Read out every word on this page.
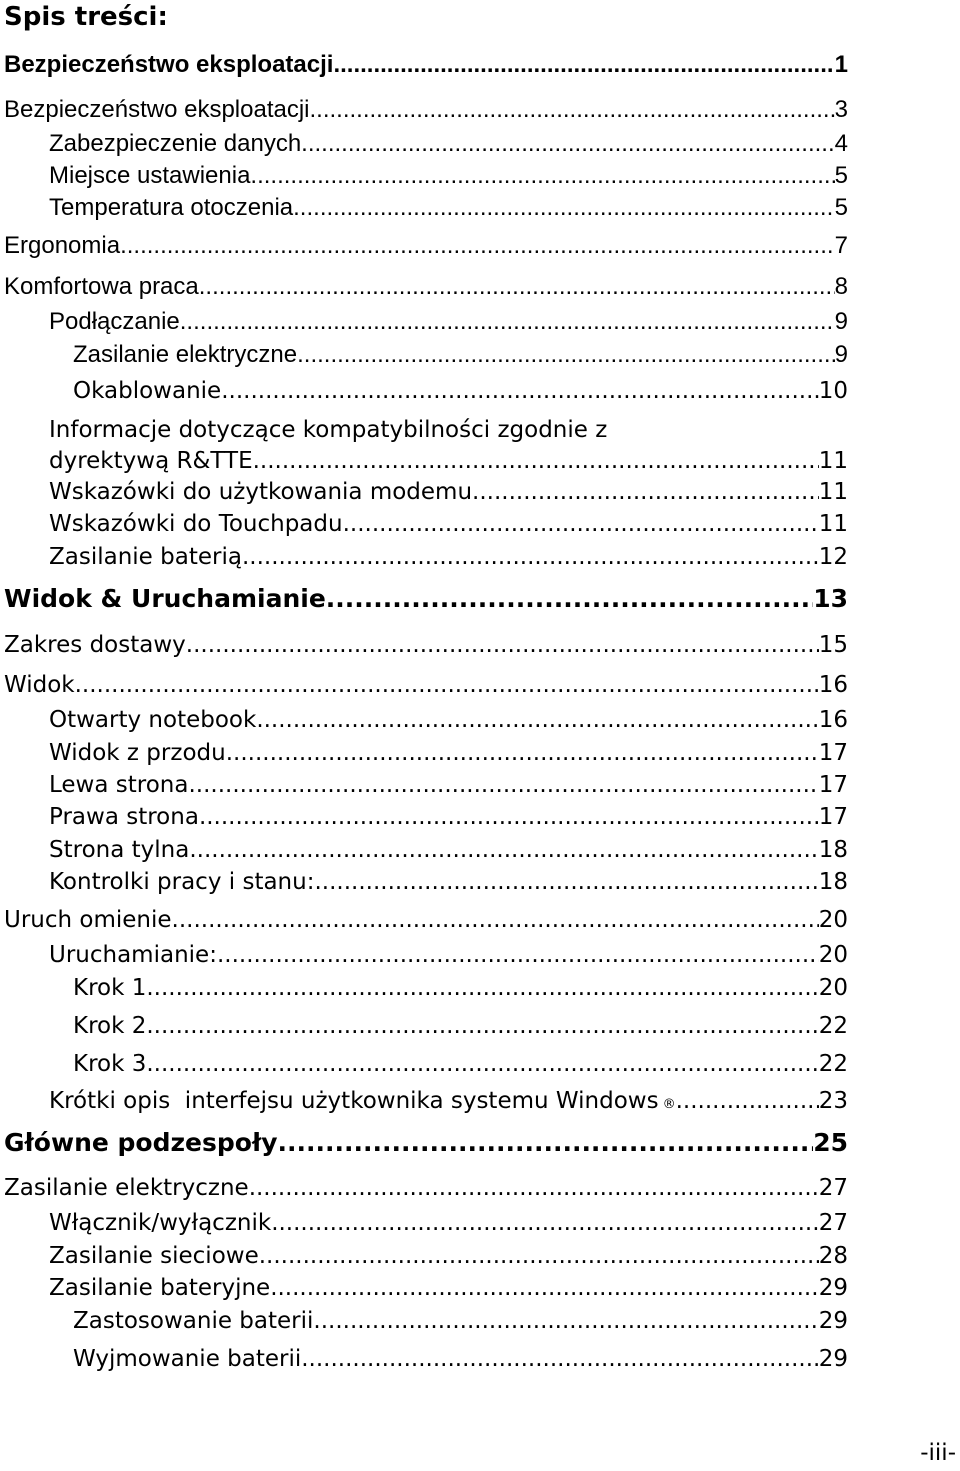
Spis treści:
Bezpieczeństwo eksploatacji .....	1
Bezpieczeństwo eksploatacji .....	3
Zabezpieczenie danych .....	4
Miejsce ustawienia .....	5
Temperatura otoczenia .....	5
Ergonomia .....	7
Komfortowa praca .....	8
Podłączanie .....	9
Zasilanie elektryczne .....	9
Okablowanie .....	10
Informacje dotyczące kompatybilności zgodnie z
dyrektywą R&TTE .....	11
Wskazówki do użytkowania modemu .....	11
Wskazówki do Touchpadu .....	11
Zasilanie baterią .....	12
Widok & Uruchamianie .....	13
Zakres dostawy .....	15
Widok .....	16
Otwarty notebook .....	16
Widok z przodu .....	17
Lewa strona .....	17
Prawa strona .....	17
Strona tylna .....	18
Kontrolki pracy i stanu: .....	18
Uruch omienie .....	20
Uruchamianie: .....	20
Krok 1 .....	20
Krok 2 .....	22
Krok 3 .....	22
Krótki opis  interfejsu użytkownika systemu Windows ® .....	23
Główne podzespoły .....	25
Zasilanie elektryczne .....	27
Włącznik/wyłącznik .....	27
Zasilanie sieciowe .....	28
Zasilanie bateryjne .....	29
Zastosowanie baterii .....	29
Wyjmowanie baterii .....	29
-iii-
